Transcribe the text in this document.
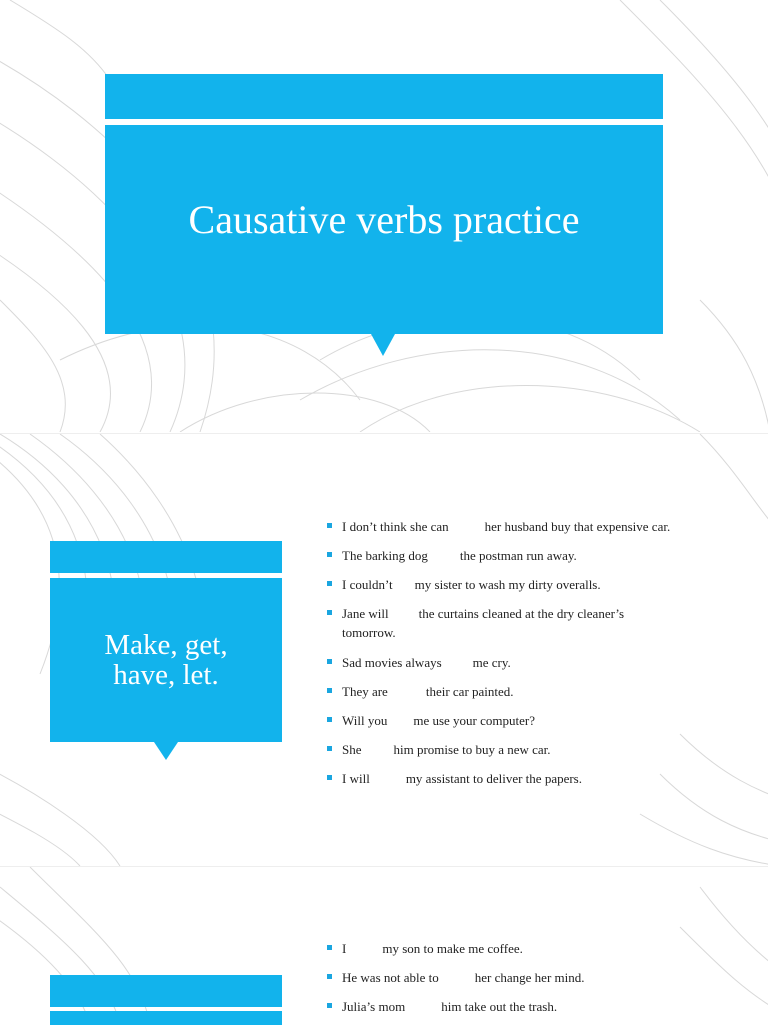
Causative verbs practice
Make, get,
have, let.
I don’t think she can	her husband buy that expensive car.
The barking dog the postman run away.
I couldn’t my sister to wash my dirty overalls.
Jane will the curtains cleaned at the dry cleaner’s
tomorrow.
Sad movies always me cry.
They are	their car painted.
Will you me use your computer?
She him promise to buy a new car.
I will	my assistant to deliver the papers.
I	my son to make me coffee.
He was not able to	her change her mind.
Julia’s mom	him take out the trash.
